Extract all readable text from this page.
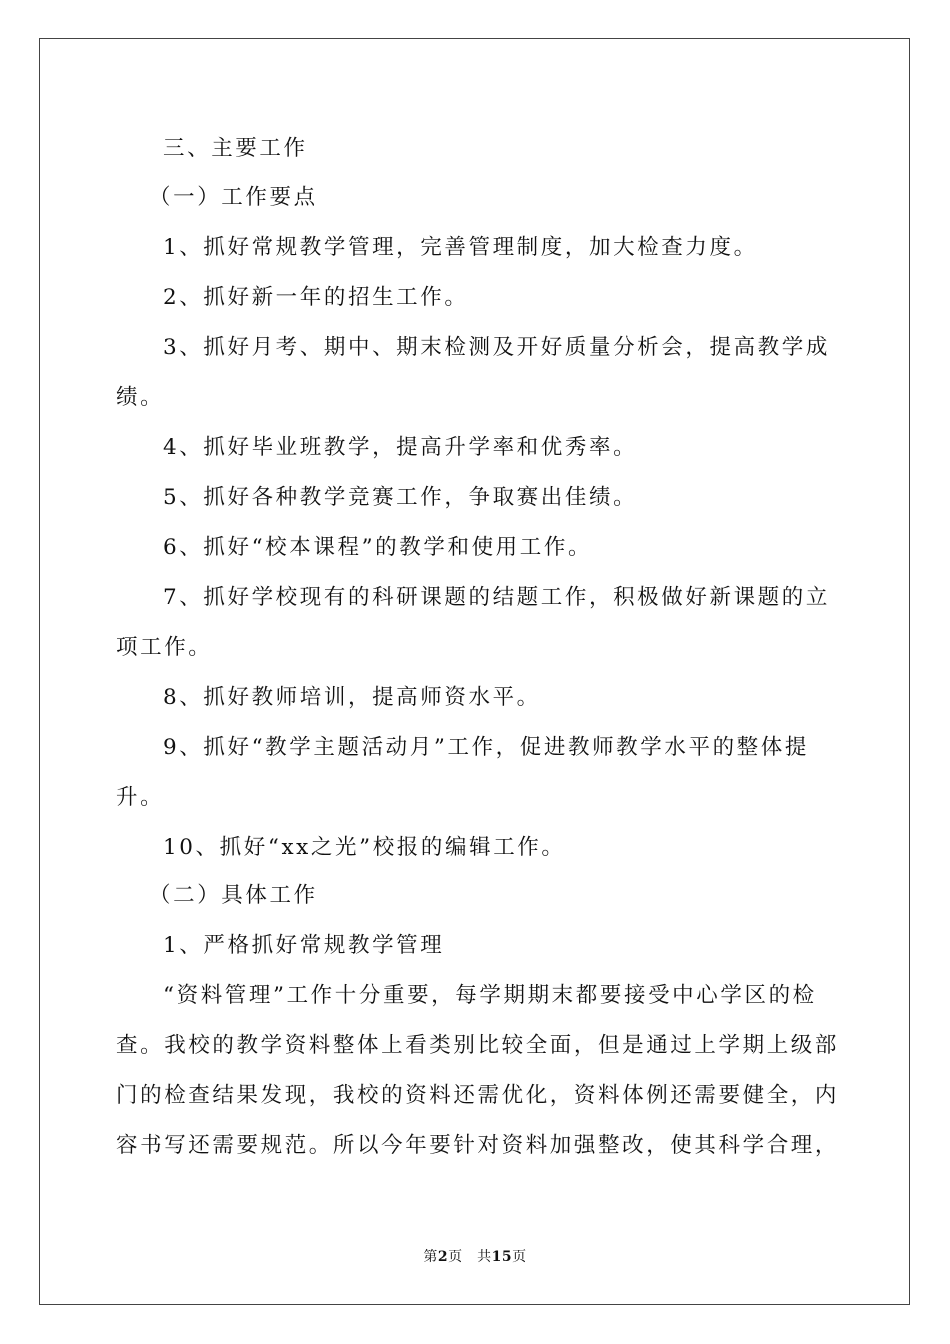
三、主要工作
（一）工作要点
1、抓好常规教学管理，完善管理制度，加大检查力度。
2、抓好新一年的招生工作。
3、抓好月考、期中、期末检测及开好质量分析会，提高教学成
绩。
4、抓好毕业班教学，提高升学率和优秀率。
5、抓好各种教学竞赛工作，争取赛出佳绩。
6、抓好“校本课程”的教学和使用工作。
7、抓好学校现有的科研课题的结题工作，积极做好新课题的立
项工作。
8、抓好教师培训，提高师资水平。
9、抓好“教学主题活动月”工作，促进教师教学水平的整体提
升。
10、抓好“xx之光”校报的编辑工作。
（二）具体工作
1、严格抓好常规教学管理
“资料管理”工作十分重要，每学期期末都要接受中心学区的检
查。我校的教学资料整体上看类别比较全面，但是通过上学期上级部
门的检查结果发现，我校的资料还需优化，资料体例还需要健全，内
容书写还需要规范。所以今年要针对资料加强整改，使其科学合理，
第2页　共15页
